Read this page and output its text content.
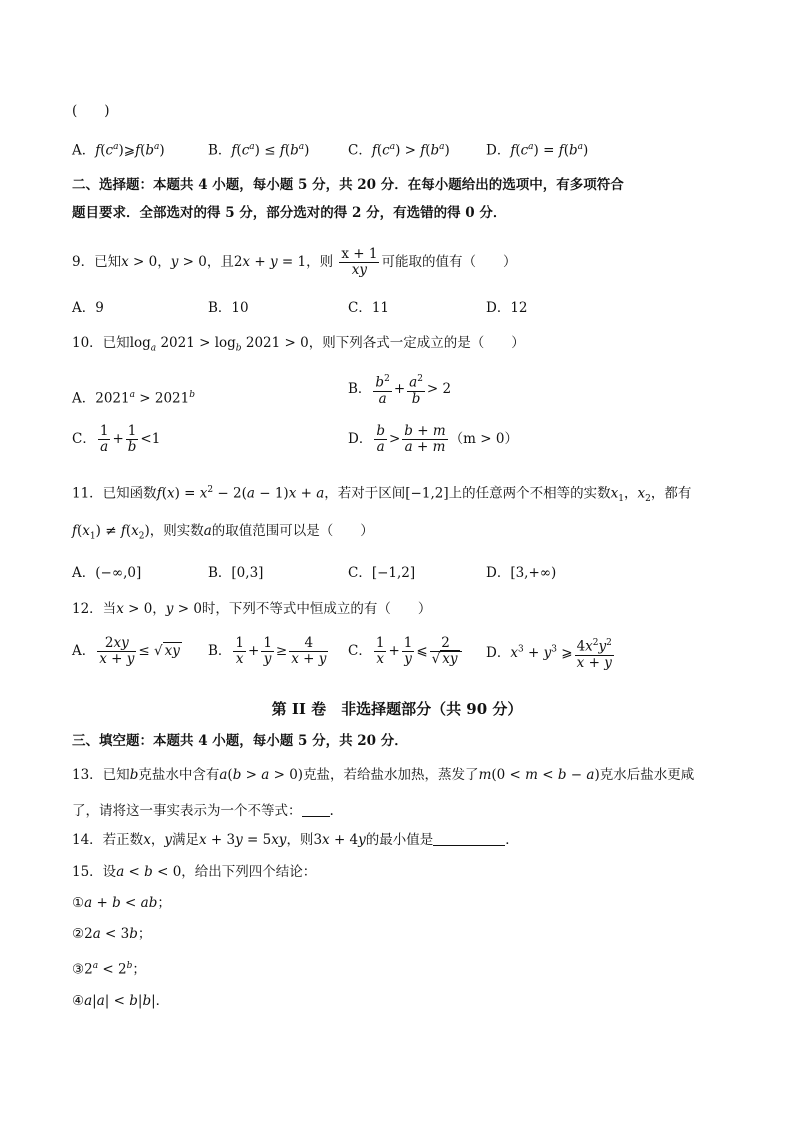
(　　)
A．$f(c^a)⩾f(b^a)$	B．$f(c^a) \le f(b^a)$	C．$f(c^a) > f(b^a)$	D．$f(c^a) = f(b^a)$
二、选择题：本题共 4 小题，每小题 5 分，共 20 分．在每小题给出的选项中，有多项符合
题目要求．全部选对的得 5 分，部分选对的得 2 分，有选错的得 0 分．
9．已知x > 0，y > 0，且2x + y = 1，则 $\frac{x + 1}{xy}$ 可能取的值有（　　）
A．9	B．10	C．11	D．12
10．已知$\log_a 2021 > \log_b 2021 > 0$，则下列各式一定成立的是（　　）
A．$2021^a > 2021^b$	B． $\frac{b^2}{a} + \frac{a^2}{b} > 2$
C． $\frac{1}{a} + \frac{1}{b} <1$	D． $\frac{b}{a} > \frac{b + m}{a + m} (m > 0)$
11．已知函数$f(x) = x^2 - 2(a - 1)x + a$，若对于区间[−1,2]上的任意两个不相等的实数$x_1$，$x_2$，都有
$f(x_1) \ne f(x_2)$，则实数a的取值范围可以是（　　）
A．(−∞,0]	B．[0,3]	C．[−1,2]	D．[3,+∞)
12．当x > 0，y > 0时，下列不等式中恒成立的有（　　）
A． $\frac{2xy}{x + y}$ ≤ √ xy B． $\frac{1}{x} + \frac{1}{y} \ge \frac{4}{x + y}$ C． $\frac{1}{x} + \frac{1}{y}$ ⩽ $\frac{2}{√ xy}$ D．$x^3 + y^3$ ⩾ $\frac{4x^2y^2}{x + y}$
第 II 卷　非选择题部分（共 90 分）
三、填空题：本题共 4 小题，每小题 5 分，共 20 分．
13．已知b克盐水中含有a(b > a > 0)克盐，若给盐水加热，蒸发了m(0 < m < b − a)克水后盐水更咸
了，请将这一事实表示为一个不等式： .
14．若正数x，y满足x + 3y = 5xy，则3x + 4y的最小值是	．
15．设a < b < 0，给出下列四个结论：
①a + b < ab；
②2a < 3b；
$③2^a < 2^b$；
④a|a| < b|b|．
